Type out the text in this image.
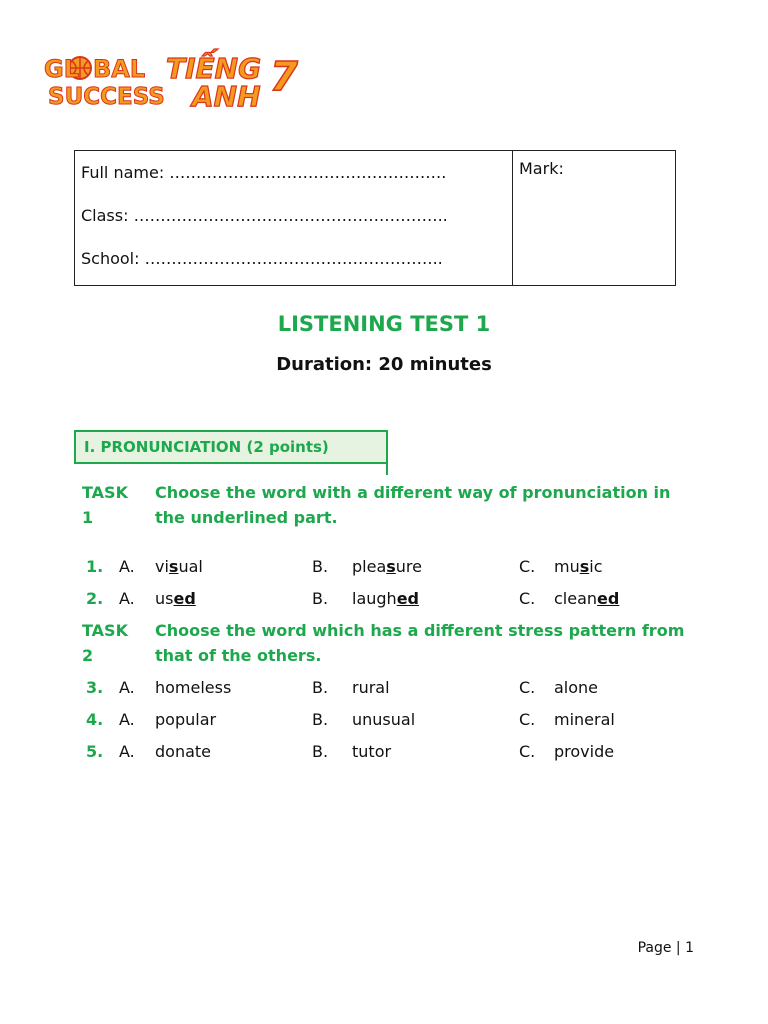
GL BAL
SUCCESS
TIẾNG
ANH 7
Full name: …………………………………………….
Class: …………………………………………………..
School: ………………………………………………..
Mark:
LISTENING TEST 1
Duration: 20 minutes
I. PRONUNCIATION (2 points)
TASK 1
Choose the word with a different way of pronunciation in the underlined part.
1. A. visual	B. pleasure	C. music
2. A. used	B. laughed	C. cleaned
TASK 2
Choose the word which has a different stress pattern from that of the others.
3. A. homeless	B. rural	C. alone
4. A. popular	B. unusual	C. mineral
5. A. donate	B. tutor	C. provide
Page | 1
